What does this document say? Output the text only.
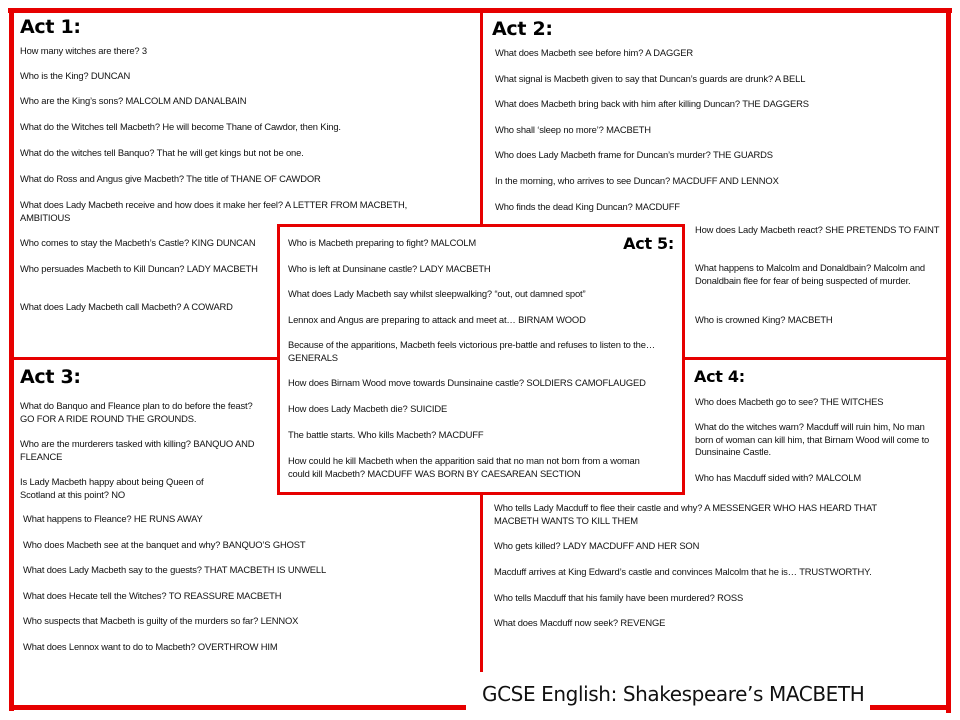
Act 1:

How many witches are there? 3

Who is the King? DUNCAN

Who are the King’s sons? MALCOLM AND DANALBAIN

What do the Witches tell Macbeth? He will become Thane of Cawdor, then King.

What do the witches tell Banquo? That he will get kings but not be one.

What do Ross and Angus give Macbeth? The title of THANE OF CAWDOR

What does Lady Macbeth receive and how does it make her feel? A LETTER FROM MACBETH, AMBITIOUS

Who comes to stay the Macbeth’s Castle? KING DUNCAN

Who persuades Macbeth to Kill Duncan? LADY MACBETH

What does Lady Macbeth call Macbeth? A COWARD

Act 2:

What does Macbeth see before him? A DAGGER

What signal is Macbeth given to say that Duncan’s guards are drunk? A BELL

What does Macbeth bring back with him after killing Duncan? THE DAGGERS

Who shall ‘sleep no more’? MACBETH

Who does Lady Macbeth frame for Duncan’s murder? THE GUARDS

In the morning, who arrives to see Duncan? MACDUFF AND LENNOX

Who finds the dead King Duncan? MACDUFF

How does Lady Macbeth react? SHE PRETENDS TO FAINT

What happens to Malcolm and Donaldbain? Malcolm and Donaldbain flee for fear of being suspected of murder.

Who is crowned King? MACBETH

Act 3:

What do Banquo and Fleance plan to do before the feast? GO FOR A RIDE ROUND THE GROUNDS.

Who are the murderers tasked with killing? BANQUO AND FLEANCE

Is Lady Macbeth happy about being Queen of Scotland at this point? NO

What happens to Fleance? HE RUNS AWAY

Who does Macbeth see at the banquet and why? BANQUO’S GHOST

What does Lady Macbeth say to the guests? THAT MACBETH IS UNWELL

What does Hecate tell the Witches? TO REASSURE MACBETH

Who suspects that Macbeth is guilty of the murders so far? LENNOX

What does Lennox want to do to Macbeth? OVERTHROW HIM

Act 4:

Who does Macbeth go to see? THE WITCHES

What do the witches warn? Macduff will ruin him, No man born of woman can kill him, that Birnam Wood will come to Dunsinaine Castle.

Who has Macduff sided with? MALCOLM

Who tells Lady Macduff to flee their castle and why? A MESSENGER WHO HAS HEARD THAT MACBETH WANTS TO KILL THEM

Who gets killed? LADY MACDUFF AND HER SON

Macduff arrives at King Edward’s castle and convinces Malcolm that he is… TRUSTWORTHY.

Who tells Macduff that his family have been murdered? ROSS

What does Macduff now seek? REVENGE

Act 5:

Who is Macbeth preparing to fight? MALCOLM

Who is left at Dunsinane castle? LADY MACBETH

What does Lady Macbeth say whilst sleepwalking? “out, out damned spot”

Lennox and Angus are preparing to attack and meet at… BIRNAM WOOD

Because of the apparitions, Macbeth feels victorious pre-battle and refuses to listen to the… GENERALS

How does Birnam Wood move towards Dunsinaine castle? SOLDIERS CAMOFLAUGED

How does Lady Macbeth die? SUICIDE

The battle starts. Who kills Macbeth? MACDUFF

How could he kill Macbeth when the apparition said that no man not born from a woman could kill Macbeth? MACDUFF WAS BORN BY CAESAREAN SECTION

GCSE English: Shakespeare’s MACBETH
